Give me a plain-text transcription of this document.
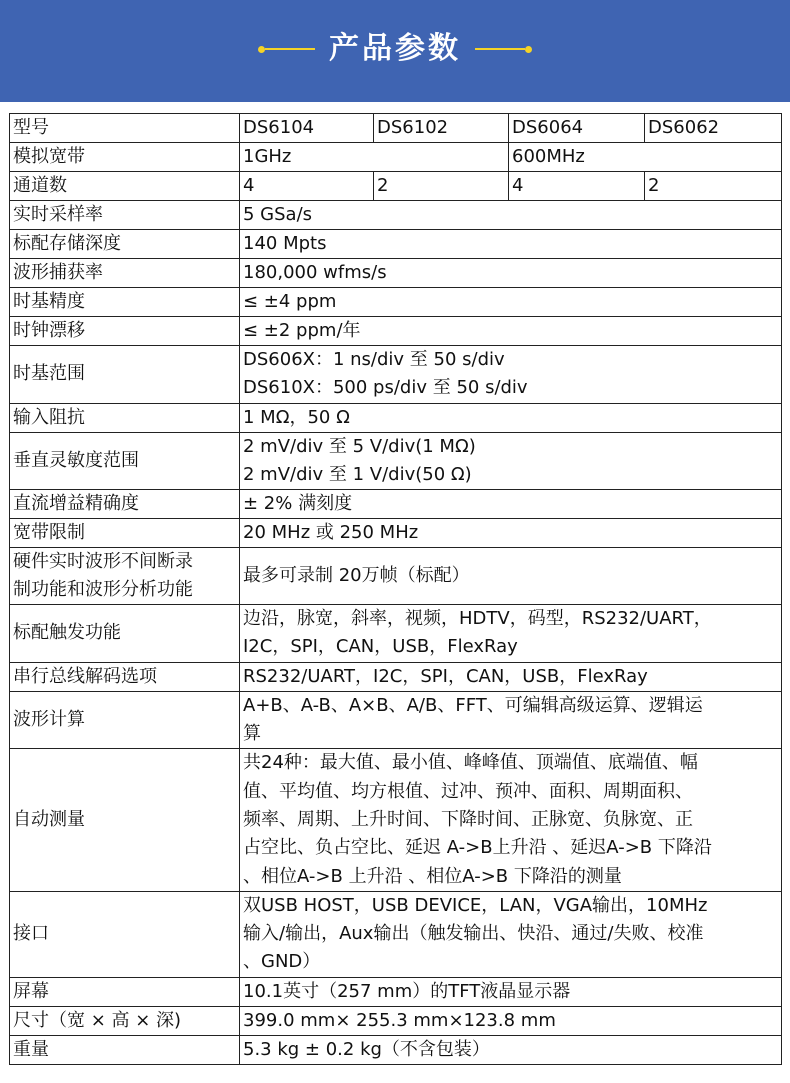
产品参数
型号	DS6104	DS6102	DS6064	DS6062
模拟宽带	1GHz		600MHz	
通道数	4	2	4	2
实时采样率	5 GSa/s			

标配存储深度	140 Mpts			

波形捕获率	180,000 wfms/s			

时基精度	≤ ±4 ppm			

时钟漂移	≤ ±2 ppm/年			

时基范围	DS606X：1 ns/div 至 50 s/div
DS610X：500 ps/div 至 50 s/div			

输入阻抗	1 MΩ，50 Ω			

垂直灵敏度范围	2 mV/div 至 5 V/div(1 MΩ)
2 mV/div 至 1 V/div(50 Ω)			

直流增益精确度	± 2% 满刻度			

宽带限制	20 MHz 或 250 MHz			

硬件实时波形不间断录
制功能和波形分析功能	最多可录制 20万帧（标配）			

标配触发功能	边沿，脉宽，斜率，视频，HDTV，码型，RS232/UART，
I2C，SPI，CAN，USB，FlexRay			

串行总线解码选项	RS232/UART，I2C，SPI，CAN，USB，FlexRay			

波形计算	A+B、A-B、A×B、A/B、FFT、可编辑高级运算、逻辑运
算			

自动测量	共24种：最大值、最小值、峰峰值、顶端值、底端值、幅
值、平均值、均方根值、过冲、预冲、面积、周期面积、
频率、周期、上升时间、下降时间、正脉宽、负脉宽、正
占空比、负占空比、延迟 A->B上升沿 、延迟A->B 下降沿
、相位A->B 上升沿 、相位A->B 下降沿的测量			

接口	双USB HOST，USB DEVICE，LAN，VGA输出，10MHz
输入/输出，Aux输出（触发输出、快沿、通过/失败、校准
、GND）			

屏幕	10.1英寸（257 mm）的TFT液晶显示器			

尺寸（宽 × 高 × 深)	399.0 mm× 255.3 mm×123.8 mm			

重量	5.3 kg ± 0.2 kg（不含包装）			
